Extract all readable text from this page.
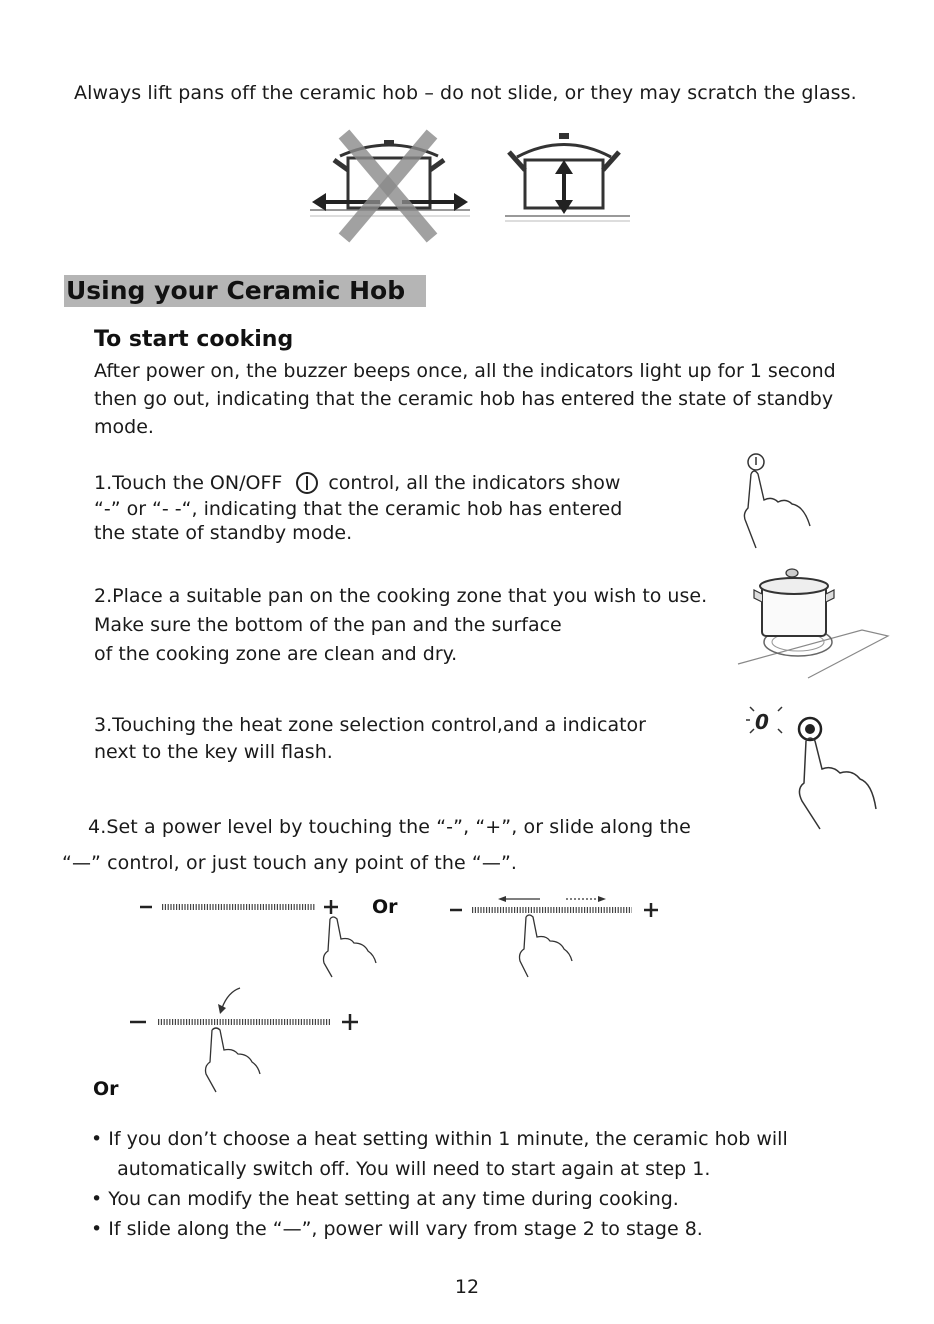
Always lift pans off the ceramic hob – do not slide, or they may scratch the glass.
Using your Ceramic Hob
To start cooking
After power on, the buzzer beeps once, all the indicators light up for 1 second
then go out, indicating that the ceramic hob has entered the state of standby
mode.
1.Touch the ON/OFF control, all the indicators show
“-” or “- -“, indicating that the ceramic hob has entered
the state of standby mode.
2.Place a suitable pan on the cooking zone that you wish to use.
Make sure the bottom of the pan and the surface
of the cooking zone are clean and dry.
3.Touching the heat zone selection control,and a indicator
next to the key will flash.
0
4.Set a power level by touching the “-”, “+”, or slide along the
“—” control, or just touch any point of the “—”.
Or
Or
• If you don’t choose a heat setting within 1 minute, the ceramic hob will
automatically switch off. You will need to start again at step 1.
• You can modify the heat setting at any time during cooking.
• If slide along the “—”, power will vary from stage 2 to stage 8.
12
